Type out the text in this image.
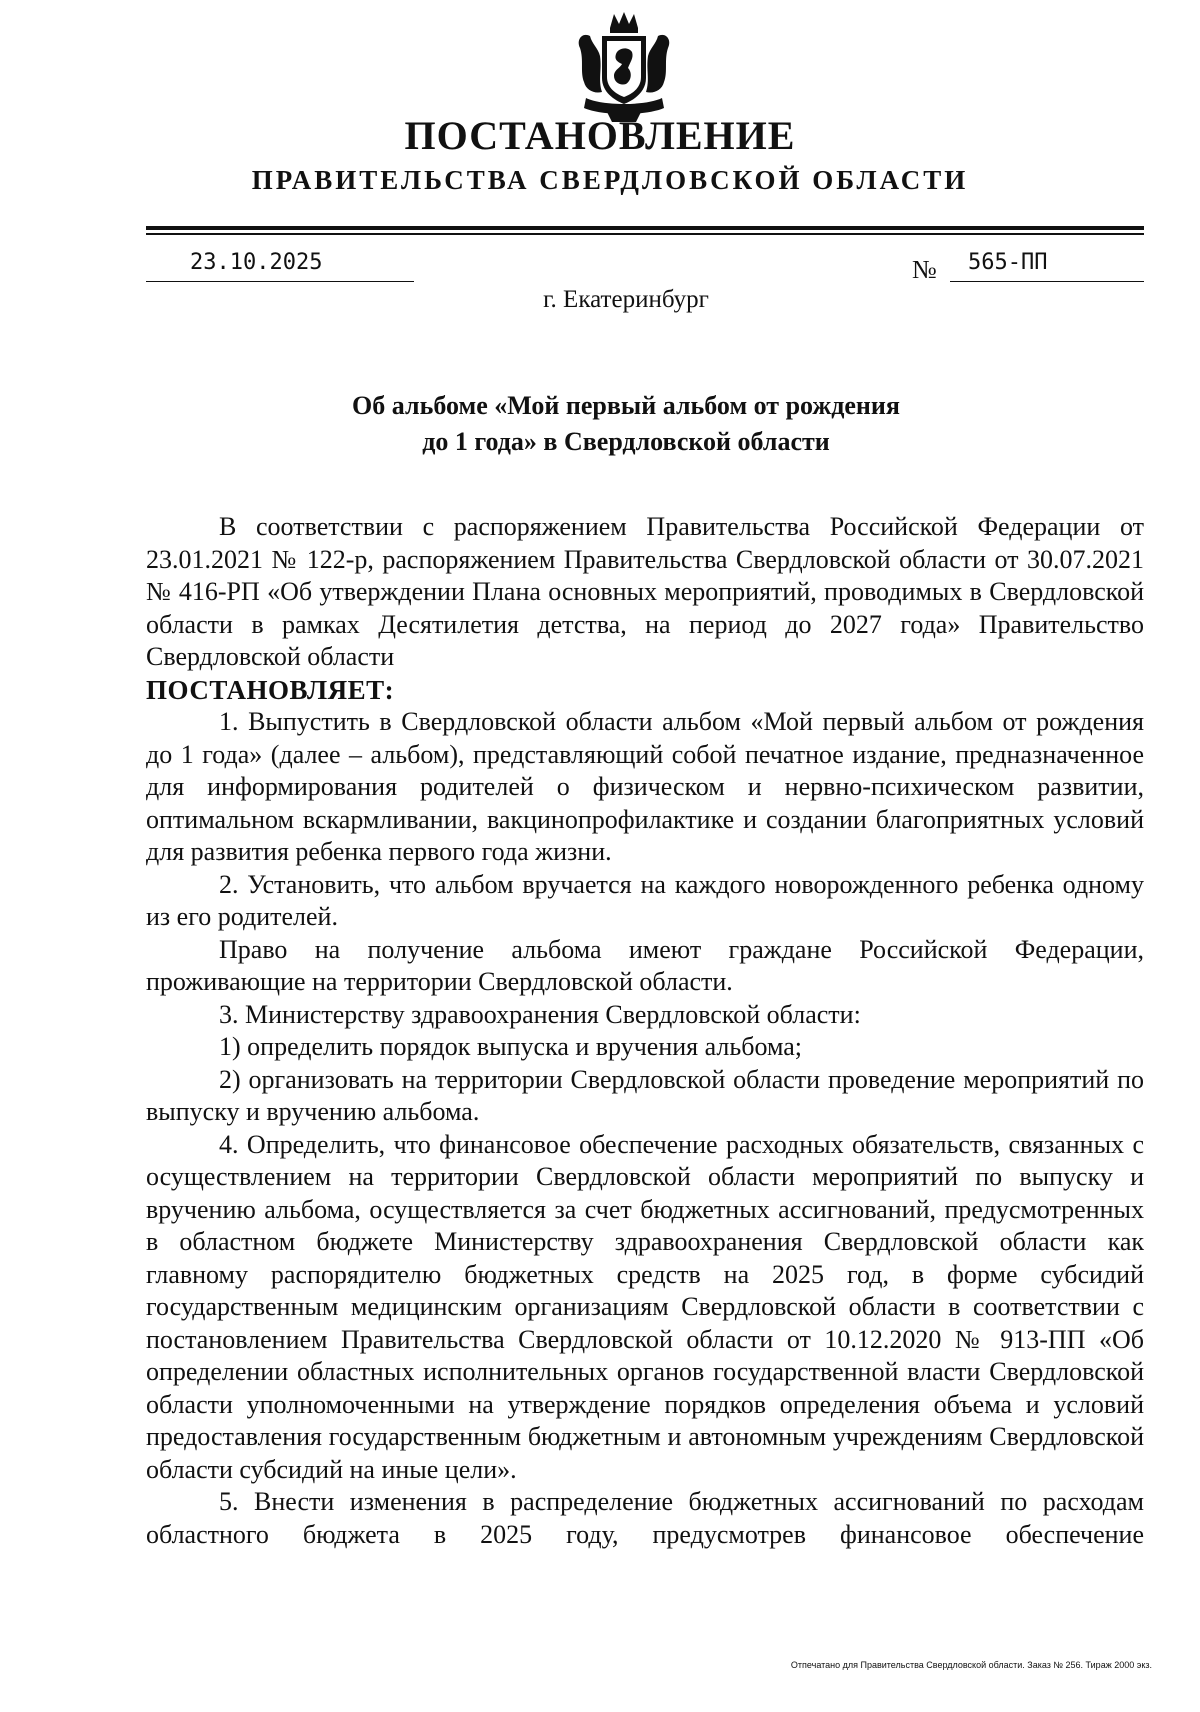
ПОСТАНОВЛЕНИЕ
ПРАВИТЕЛЬСТВА СВЕРДЛОВСКОЙ ОБЛАСТИ
23.10.2025	№ 565-ПП
г. Екатеринбург
Об альбоме «Мой первый альбом от рождения
до 1 года» в Свердловской области

В соответствии с распоряжением Правительства Российской Федерации от 23.01.2021 № 122-р, распоряжением Правительства Свердловской области от 30.07.2021 № 416-РП «Об утверждении Плана основных мероприятий, проводимых в Свердловской области в рамках Десятилетия детства, на период до 2027 года» Правительство Свердловской области

ПОСТАНОВЛЯЕТ:

1. Выпустить в Свердловской области альбом «Мой первый альбом от рождения до 1 года» (далее – альбом), представляющий собой печатное издание, предназначенное для информирования родителей о физическом и нервно-психическом развитии, оптимальном вскармливании, вакцинопрофилактике и создании благоприятных условий для развития ребенка первого года жизни.

2. Установить, что альбом вручается на каждого новорожденного ребенка одному из его родителей.

Право на получение альбома имеют граждане Российской Федерации, проживающие на территории Свердловской области.

3. Министерству здравоохранения Свердловской области:

1) определить порядок выпуска и вручения альбома;

2) организовать на территории Свердловской области проведение мероприятий по выпуску и вручению альбома.

4. Определить, что финансовое обеспечение расходных обязательств, связанных с осуществлением на территории Свердловской области мероприятий по выпуску и вручению альбома, осуществляется за счет бюджетных ассигнований, предусмотренных в областном бюджете Министерству здравоохранения Свердловской области как главному распорядителю бюджетных средств на 2025 год, в форме субсидий государственным медицинским организациям Свердловской области в соответствии с постановлением Правительства Свердловской области от 10.12.2020 № 913-ПП «Об определении областных исполнительных органов государственной власти Свердловской области уполномоченными на утверждение порядков определения объема и условий предоставления государственным бюджетным и автономным учреждениям Свердловской области субсидий на иные цели».

5. Внести изменения в распределение бюджетных ассигнований по расходам областного бюджета в 2025 году, предусмотрев финансовое обеспечение

Отпечатано для Правительства Свердловской области. Заказ № 256. Тираж 2000 экз.
